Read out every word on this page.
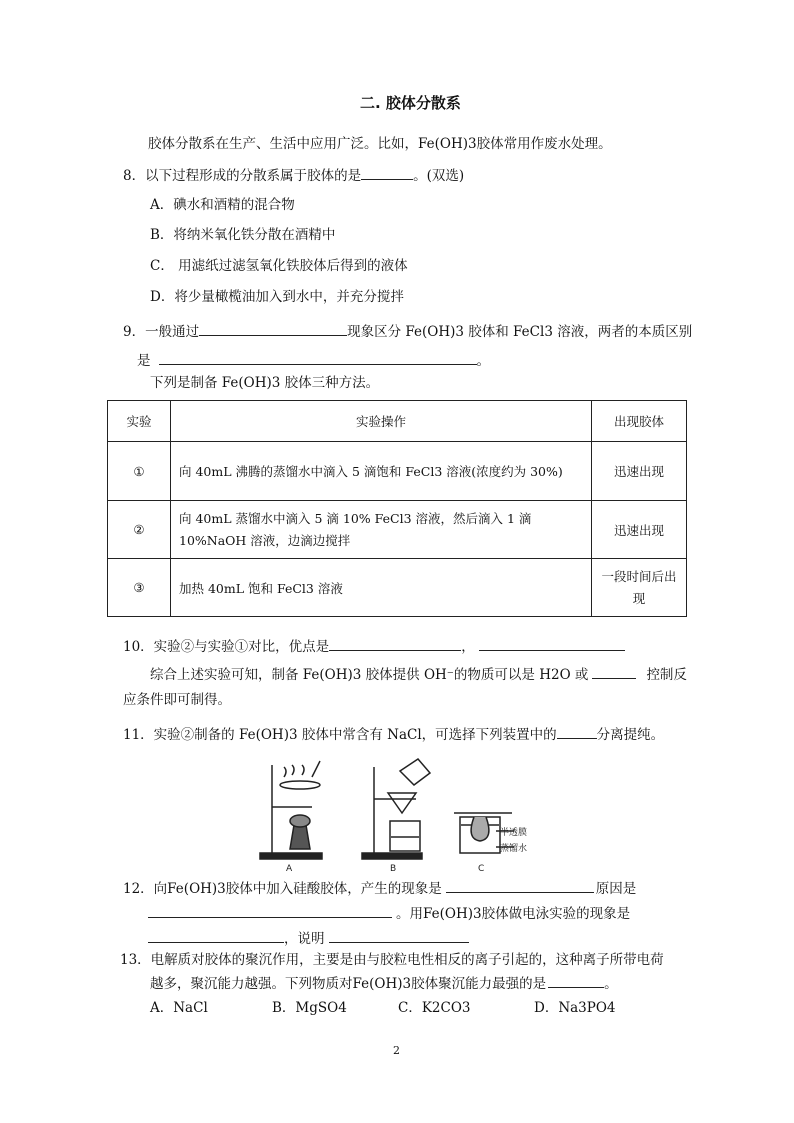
二. 胶体分散系
胶体分散系在生产、生活中应用广泛。比如，Fe(OH)3胶体常用作废水处理。
8．以下过程形成的分散系属于胶体的是	。(双选)
A．碘水和酒精的混合物
B．将纳米氧化铁分散在酒精中
C． 用滤纸过滤氢氧化铁胶体后得到的液体
D．将少量橄榄油加入到水中，并充分搅拌
9．一般通过	现象区分 Fe(OH)3 胶体和 FeCl3 溶液，两者的本质区别
是	。
下列是制备 Fe(OH)3 胶体三种方法。
实验	实验操作	出现胶体
①	向 40mL 沸腾的蒸馏水中滴入 5 滴饱和 FeCl3 溶液(浓度约为 30%)	迅速出现
②	向 40mL 蒸馏水中滴入 5 滴 10% FeCl3 溶液，然后滴入 1 滴 10%NaOH 溶液，边滴边搅拌	迅速出现
③	加热 40mL 饱和 FeCl3 溶液	一段时间后出现
10．实验②与实验①对比，优点是	，
综合上述实验可知，制备 Fe(OH)3 胶体提供 OH⁻的物质可以是 H2O 或	控制反
应条件即可制得。
11．实验②制备的 Fe(OH)3 胶体中常含有 NaCl，可选择下列装置中的	分离提纯。
A	B	C
半透膜
蒸馏水
12．向Fe(OH)3胶体中加入硅酸胶体，产生的现象是	原因是
。用Fe(OH)3胶体做电泳实验的现象是
，说明
13．电解质对胶体的聚沉作用，主要是由与胶粒电性相反的离子引起的，这种离子所带电荷
越多，聚沉能力越强。下列物质对Fe(OH)3胶体聚沉能力最强的是	。
A．NaCl	B．MgSO4	C．K2CO3	D．Na3PO4
2
